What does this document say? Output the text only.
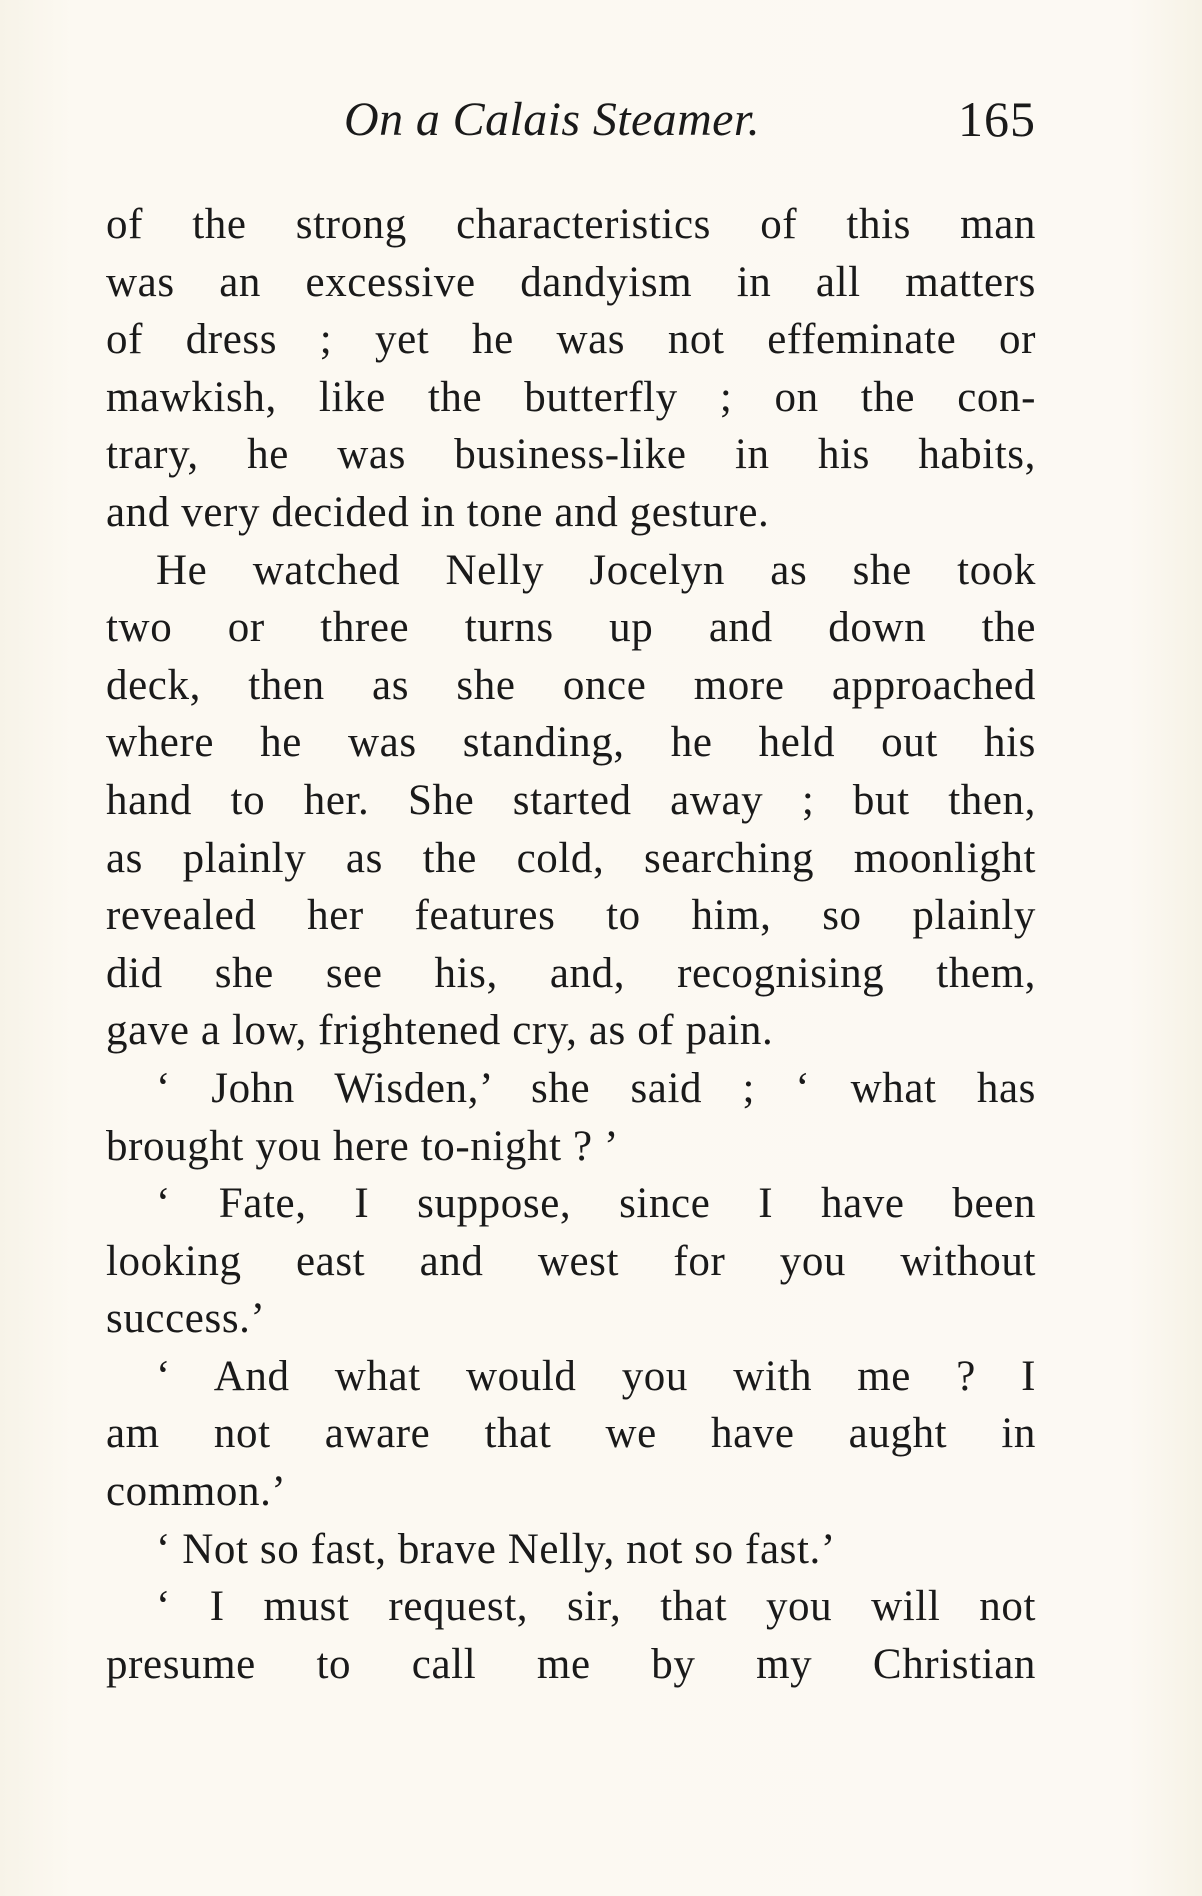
On a Calais Steamer.	165
of the strong characteristics of this man
was an excessive dandyism in all matters
of dress ; yet he was not effeminate or
mawkish, like the butterfly ; on the con-
trary, he was business-like in his habits,
and very decided in tone and gesture.
He watched Nelly Jocelyn as she took
two or three turns up and down the
deck, then as she once more approached
where he was standing, he held out his
hand to her. She started away ; but then,
as plainly as the cold, searching moonlight
revealed her features to him, so plainly
did she see his, and, recognising them,
gave a low, frightened cry, as of pain.
‘ John Wisden,’ she said ; ‘ what has
brought you here to-night ? ’
‘ Fate, I suppose, since I have been
looking east and west for you without
success.’
‘ And what would you with me ? I
am not aware that we have aught in
common.’
‘ Not so fast, brave Nelly, not so fast.’
‘ I must request, sir, that you will not
presume to call me by my Christian
